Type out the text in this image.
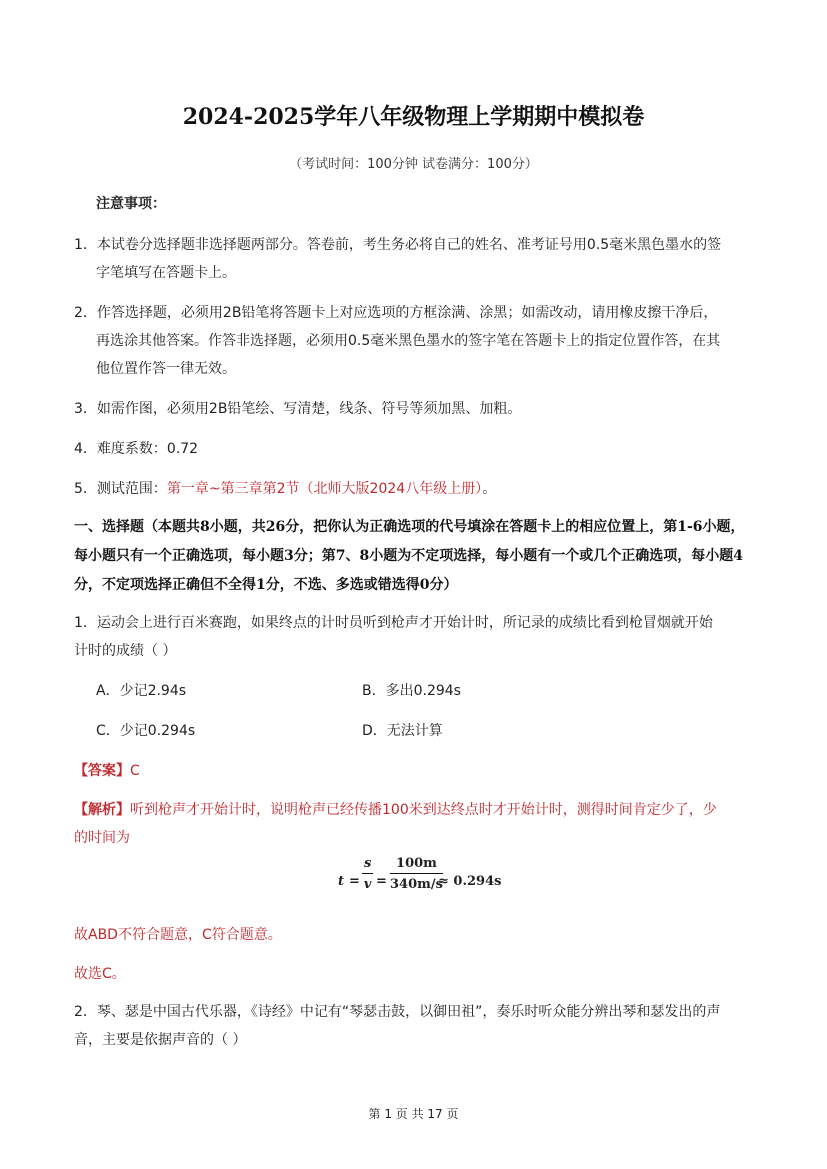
2024-2025学年八年级物理上学期期中模拟卷
（考试时间：100分钟 试卷满分：100分）
注意事项：
1．本试卷分选择题非选择题两部分。答卷前，考生务必将自己的姓名、准考证号用0.5毫米黑色墨水的签
字笔填写在答题卡上。
2．作答选择题，必须用2B铅笔将答题卡上对应选项的方框涂满、涂黑；如需改动，请用橡皮擦干净后，
再选涂其他答案。作答非选择题，必须用0.5毫米黑色墨水的签字笔在答题卡上的指定位置作答，在其
他位置作答一律无效。
3．如需作图，必须用2B铅笔绘、写清楚，线条、符号等须加黑、加粗。
4．难度系数：0.72
5．测试范围：第一章~第三章第2节（北师大版2024八年级上册）。
一、选择题（本题共8小题，共26分，把你认为正确选项的代号填涂在答题卡上的相应位置上，第1-6小题，
每小题只有一个正确选项，每小题3分；第7、8小题为不定项选择，每小题有一个或几个正确选项，每小题4
分，不定项选择正确但不全得1分，不选、多选或错选得0分）
1．运动会上进行百米赛跑，如果终点的计时员听到枪声才开始计时，所记录的成绩比看到枪冒烟就开始
计时的成绩（ ）
A．少记2.94s	B．多出0.294s
C．少记0.294s	D．无法计算
【答案】C
【解析】听到枪声才开始计时，说明枪声已经传播100米到达终点时才开始计时，测得时间肯定少了，少
的时间为
$t = \frac{s}{v} = \frac{100m}{340m/s}$
≈ 0.294s
故ABD不符合题意，C符合题意。
故选C。
2．琴、瑟是中国古代乐器，《诗经》中记有“琴瑟击鼓，以御田祖”，奏乐时听众能分辨出琴和瑟发出的声
音，主要是依据声音的（ ）
第 1 页 共 17 页
